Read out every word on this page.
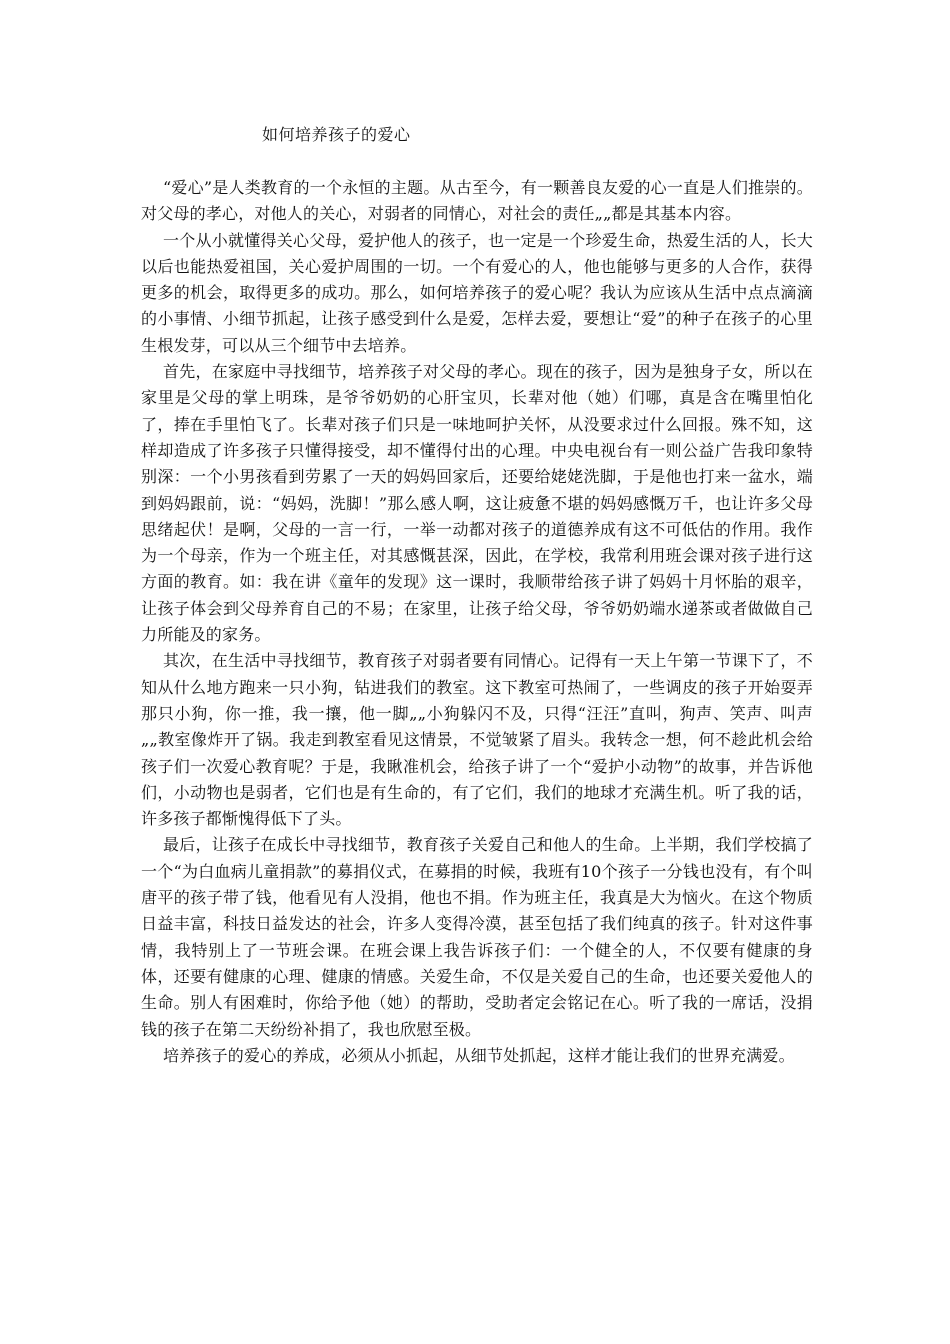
如何培养孩子的爱心

“爱心”是人类教育的一个永恒的主题。从古至今，有一颗善良友爱的心一直是人们推崇的。对父母的孝心，对他人的关心，对弱者的同情心，对社会的责任„„都是其基本内容。

一个从小就懂得关心父母，爱护他人的孩子，也一定是一个珍爱生命，热爱生活的人，长大以后也能热爱祖国，关心爱护周围的一切。一个有爱心的人，他也能够与更多的人合作，获得更多的机会，取得更多的成功。那么，如何培养孩子的爱心呢？我认为应该从生活中点点滴滴的小事情、小细节抓起，让孩子感受到什么是爱，怎样去爱，要想让“爱”的种子在孩子的心里生根发芽，可以从三个细节中去培养。

首先，在家庭中寻找细节，培养孩子对父母的孝心。现在的孩子，因为是独身子女，所以在家里是父母的掌上明珠，是爷爷奶奶的心肝宝贝，长辈对他（她）们哪，真是含在嘴里怕化了，捧在手里怕飞了。长辈对孩子们只是一味地呵护关怀，从没要求过什么回报。殊不知，这样却造成了许多孩子只懂得接受，却不懂得付出的心理。中央电视台有一则公益广告我印象特别深：一个小男孩看到劳累了一天的妈妈回家后，还要给姥姥洗脚，于是他也打来一盆水，端到妈妈跟前，说：“妈妈，洗脚！”那么感人啊，这让疲惫不堪的妈妈感慨万千，也让许多父母思绪起伏！是啊，父母的一言一行，一举一动都对孩子的道德养成有这不可低估的作用。我作为一个母亲，作为一个班主任，对其感慨甚深，因此，在学校，我常利用班会课对孩子进行这方面的教育。如：我在讲《童年的发现》这一课时，我顺带给孩子讲了妈妈十月怀胎的艰辛，让孩子体会到父母养育自己的不易；在家里，让孩子给父母，爷爷奶奶端水递茶或者做做自己力所能及的家务。

其次，在生活中寻找细节，教育孩子对弱者要有同情心。记得有一天上午第一节课下了，不知从什么地方跑来一只小狗，钻进我们的教室。这下教室可热闹了，一些调皮的孩子开始耍弄那只小狗，你一推，我一攘，他一脚„„小狗躲闪不及，只得“汪汪”直叫，狗声、笑声、叫声„„教室像炸开了锅。我走到教室看见这情景，不觉皱紧了眉头。我转念一想，何不趁此机会给孩子们一次爱心教育呢？于是，我瞅准机会，给孩子讲了一个“爱护小动物”的故事，并告诉他们，小动物也是弱者，它们也是有生命的，有了它们，我们的地球才充满生机。听了我的话，许多孩子都惭愧得低下了头。

最后，让孩子在成长中寻找细节，教育孩子关爱自己和他人的生命。上半期，我们学校搞了一个“为白血病儿童捐款”的募捐仪式，在募捐的时候，我班有10个孩子一分钱也没有，有个叫唐平的孩子带了钱，他看见有人没捐，他也不捐。作为班主任，我真是大为恼火。在这个物质日益丰富，科技日益发达的社会，许多人变得冷漠，甚至包括了我们纯真的孩子。针对这件事情，我特别上了一节班会课。在班会课上我告诉孩子们：一个健全的人，不仅要有健康的身体，还要有健康的心理、健康的情感。关爱生命，不仅是关爱自己的生命，也还要关爱他人的生命。别人有困难时，你给予他（她）的帮助，受助者定会铭记在心。听了我的一席话，没捐钱的孩子在第二天纷纷补捐了，我也欣慰至极。

培养孩子的爱心的养成，必须从小抓起，从细节处抓起，这样才能让我们的世界充满爱。
